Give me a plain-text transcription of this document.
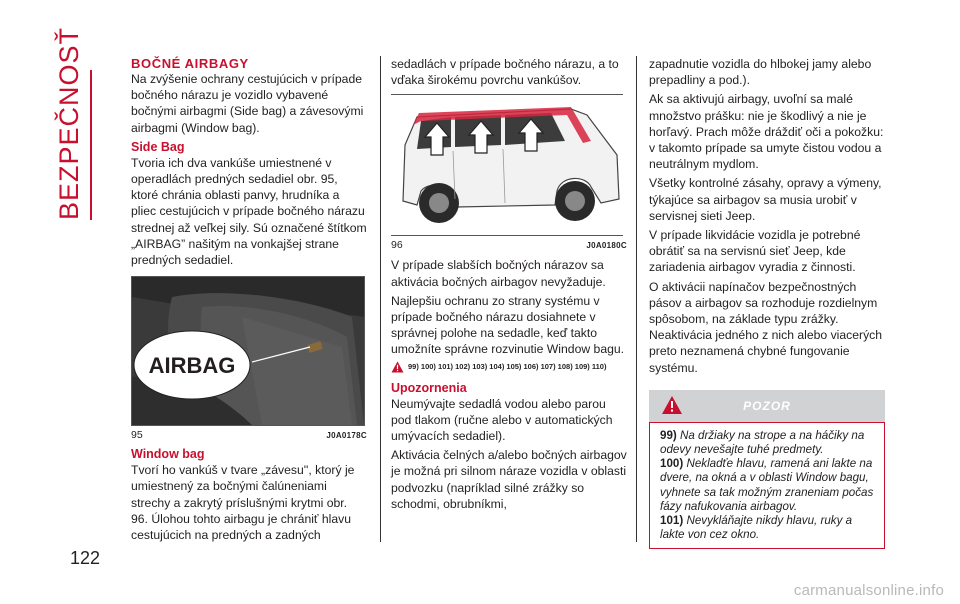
BEZPEČNOSŤ
122
BOČNÉ AIRBAGY

Na zvýšenie ochrany cestujúcich v prípade bočného nárazu je vozidlo vybavené bočnými airbagmi (Side bag) a závesovými airbagmi (Window bag).

Side Bag

Tvoria ich dva vankúše umiestnené v operadlách predných sedadiel obr. 95, ktoré chránia oblasti panvy, hrudníka a pliec cestujúcich v prípade bočného nárazu strednej až veľkej sily. Sú označené štítkom „AIRBAG” našitým na vonkajšej strane predných sedadiel.

AIRBAG
95	J0A0178C
Window bag

Tvorí ho vankúš v tvare „závesu'', ktorý je umiestnený za bočnými čalúneniami strechy a zakrytý príslušnými krytmi obr. 96. Úlohou tohto airbagu je chrániť hlavu cestujúcich na predných a zadných

sedadlách v prípade bočného nárazu, a to vďaka širokému povrchu vankúšov.

96	J0A0180C

V prípade slabších bočných nárazov sa aktivácia bočných airbagov nevyžaduje.

Najlepšiu ochranu zo strany systému v prípade bočného nárazu dosiahnete v správnej polohe na sedadle, keď takto umožníte správne rozvinutie Window bagu.

99) 100) 101) 102) 103) 104) 105) 106) 107) 108) 109) 110)
Upozornenia

Neumývajte sedadlá vodou alebo parou pod tlakom (ručne alebo v automatických umývacích sedadiel).

Aktivácia čelných a/alebo bočných airbagov je možná pri silnom náraze vozidla v oblasti podvozku (napríklad silné zrážky so schodmi, obrubníkmi,

zapadnutie vozidla do hlbokej jamy alebo prepadliny a pod.).

Ak sa aktivujú airbagy, uvoľní sa malé množstvo prášku: nie je škodlivý a nie je horľavý. Prach môže dráždiť oči a pokožku: v takomto prípade sa umyte čistou vodou a neutrálnym mydlom.

Všetky kontrolné zásahy, opravy a výmeny, týkajúce sa airbagov sa musia urobiť v servisnej sieti Jeep.

V prípade likvidácie vozidla je potrebné obrátiť sa na servisnú sieť Jeep, kde zariadenia airbagov vyradia z činnosti.

O aktivácii napínačov bezpečnostných pásov a airbagov sa rozhoduje rozdielnym spôsobom, na základe typu zrážky. Neaktivácia jedného z nich alebo viacerých preto neznamená chybné fungovanie systému.

POZOR

99) Na držiaky na strope a na háčiky na odevy nevešajte tuhé predmety.

100) Nekladťe hlavu, ramená ani lakte na dvere, na okná a v oblasti Window bagu, vyhnete sa tak možným zraneniam počas fázy nafukovania airbagov.

101) Nevykláňajte nikdy hlavu, ruky a lakte von cez okno.

carmanualsonline.info
